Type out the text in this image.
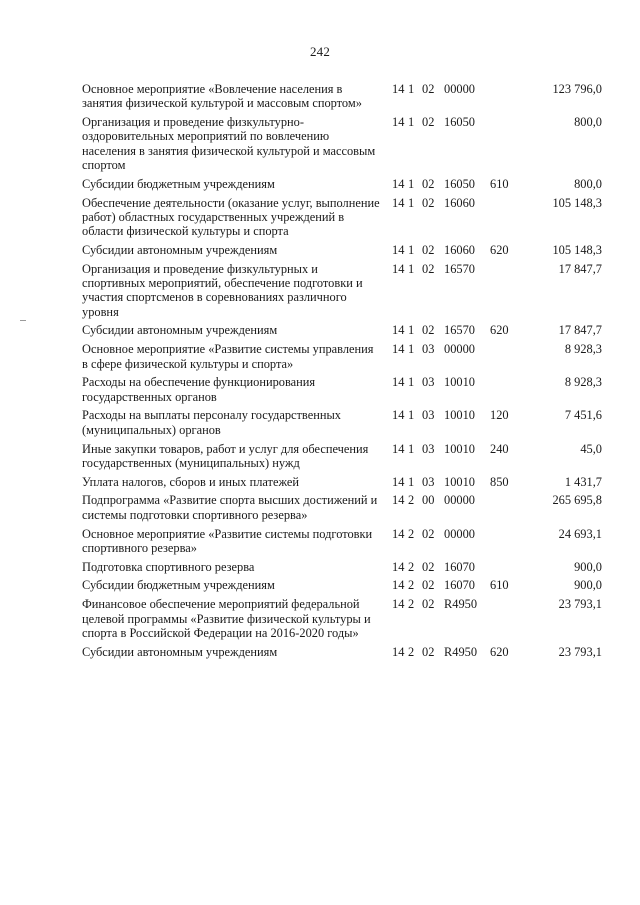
242
Основное мероприятие «Вовлечение населения в занятия физической культурой и массовым спортом»	14	1	02	00000		123 796,0
Организация и проведение физкультурно-оздоровительных мероприятий по вовлечению населения в занятия физической культурой и массовым спортом	14	1	02	16050		800,0
Субсидии бюджетным учреждениям	14	1	02	16050	610	800,0
Обеспечение деятельности (оказание услуг, выполнение работ) областных государственных учреждений в области физической культуры и спорта	14	1	02	16060		105 148,3
Субсидии автономным учреждениям	14	1	02	16060	620	105 148,3
Организация и проведение физкультурных и спортивных мероприятий, обеспечение подготовки и участия спортсменов в соревнованиях различного уровня	14	1	02	16570		17 847,7
Субсидии автономным учреждениям	14	1	02	16570	620	17 847,7
Основное мероприятие «Развитие системы управления в сфере физической культуры и спорта»	14	1	03	00000		8 928,3
Расходы на обеспечение функционирования государственных органов	14	1	03	10010		8 928,3
Расходы на выплаты персоналу государственных (муниципальных) органов	14	1	03	10010	120	7 451,6
Иные закупки товаров, работ и услуг для обеспечения государственных (муниципальных) нужд	14	1	03	10010	240	45,0
Уплата налогов, сборов и иных платежей	14	1	03	10010	850	1 431,7
Подпрограмма «Развитие спорта высших достижений и системы подготовки спортивного резерва»	14	2	00	00000		265 695,8
Основное мероприятие «Развитие системы подготовки спортивного резерва»	14	2	02	00000		24 693,1
Подготовка спортивного резерва	14	2	02	16070		900,0
Субсидии бюджетным учреждениям	14	2	02	16070	610	900,0
Финансовое обеспечение мероприятий федеральной целевой программы «Развитие физической культуры и спорта в Российской Федерации на 2016-2020 годы»	14	2	02	R4950		23 793,1
Субсидии автономным учреждениям	14	2	02	R4950	620	23 793,1
